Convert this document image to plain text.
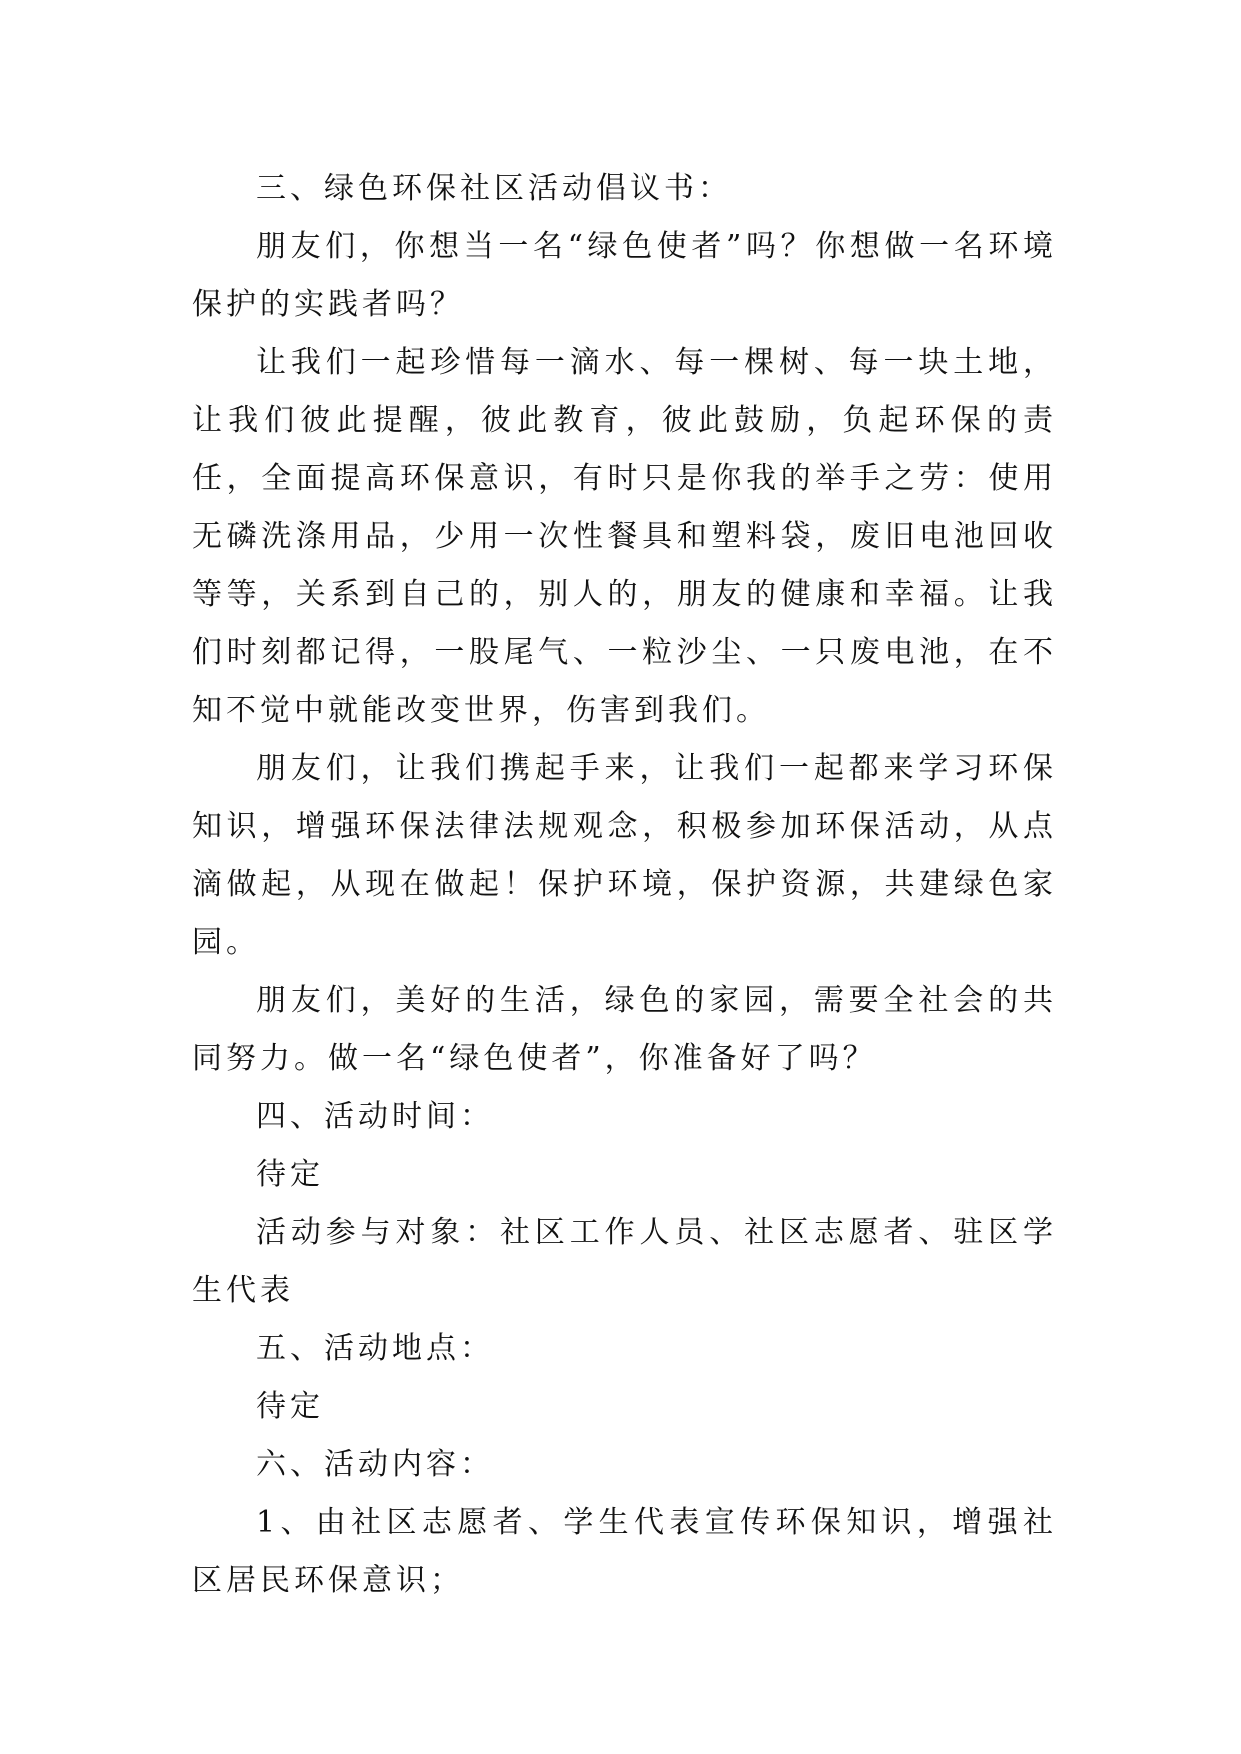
三、绿色环保社区活动倡议书：

朋友们，你想当一名“绿色使者”吗？你想做一名环境保护的实践者吗？

让我们一起珍惜每一滴水、每一棵树、每一块土地，让我们彼此提醒，彼此教育，彼此鼓励，负起环保的责任，全面提高环保意识，有时只是你我的举手之劳：使用无磷洗涤用品，少用一次性餐具和塑料袋，废旧电池回收等等，关系到自己的，别人的，朋友的健康和幸福。让我们时刻都记得，一股尾气、一粒沙尘、一只废电池，在不知不觉中就能改变世界，伤害到我们。

朋友们，让我们携起手来，让我们一起都来学习环保知识，增强环保法律法规观念，积极参加环保活动，从点滴做起，从现在做起！保护环境，保护资源，共建绿色家园。

朋友们，美好的生活，绿色的家园，需要全社会的共同努力。做一名“绿色使者”，你准备好了吗？

四、活动时间：

待定

活动参与对象：社区工作人员、社区志愿者、驻区学生代表

五、活动地点：

待定

六、活动内容：

1、由社区志愿者、学生代表宣传环保知识，增强社区居民环保意识；
